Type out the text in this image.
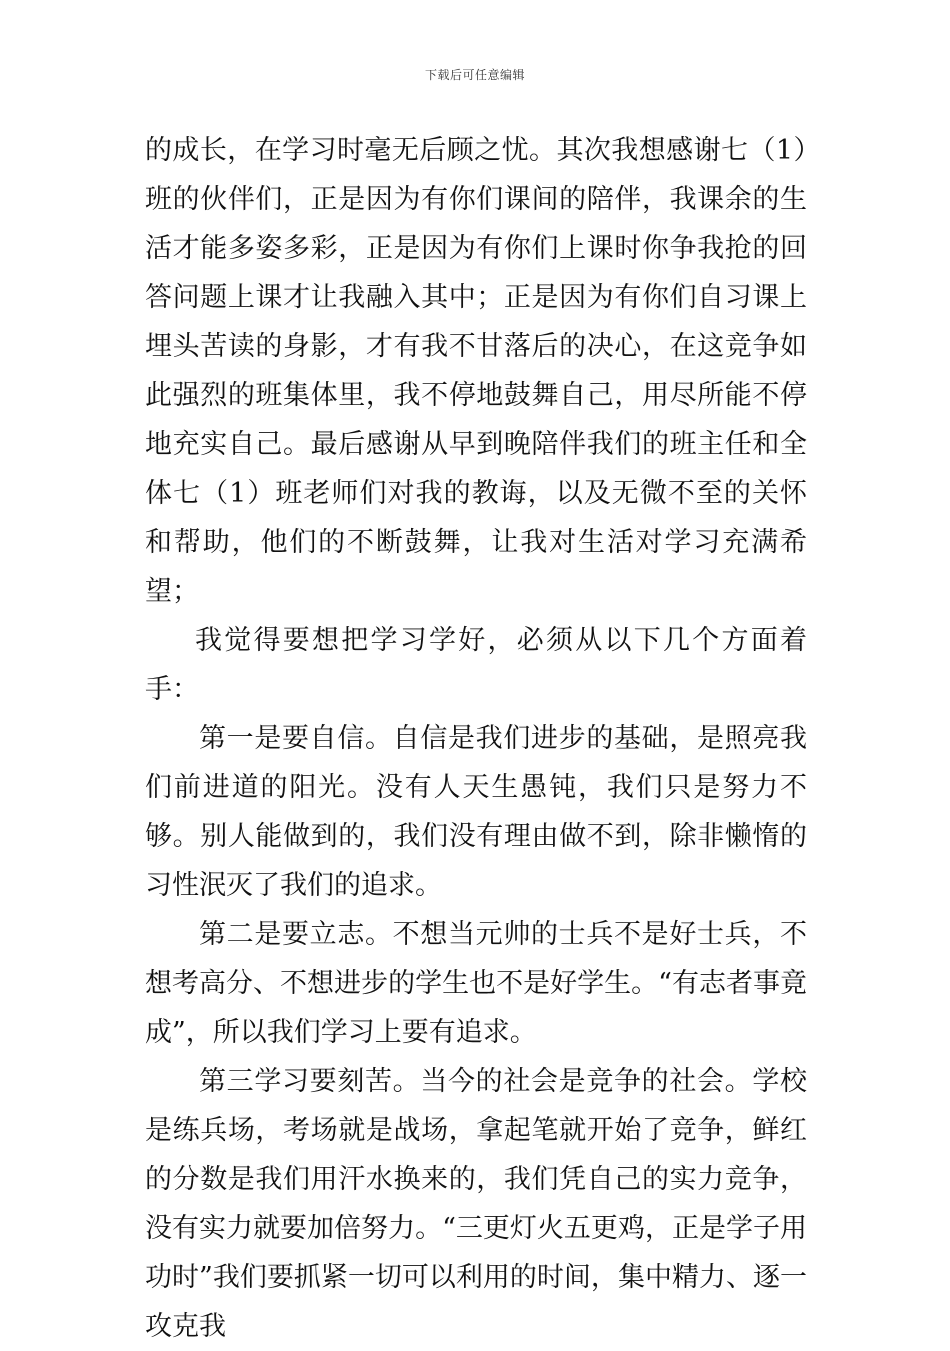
下载后可任意编辑

的成长，在学习时毫无后顾之忧。其次我想感谢七（1）班的伙伴们，正是因为有你们课间的陪伴，我课余的生活才能多姿多彩，正是因为有你们上课时你争我抢的回答问题上课才让我融入其中；正是因为有你们自习课上埋头苦读的身影，才有我不甘落后的决心，在这竞争如此强烈的班集体里，我不停地鼓舞自己，用尽所能不停地充实自己。最后感谢从早到晚陪伴我们的班主任和全体七（1）班老师们对我的教诲，以及无微不至的关怀和帮助，他们的不断鼓舞，让我对生活对学习充满希望；

我觉得要想把学习学好，必须从以下几个方面着手：

第一是要自信。自信是我们进步的基础，是照亮我们前进道的阳光。没有人天生愚钝，我们只是努力不够。别人能做到的，我们没有理由做不到，除非懒惰的习性泯灭了我们的追求。

第二是要立志。不想当元帅的士兵不是好士兵，不想考高分、不想进步的学生也不是好学生。“有志者事竟成”，所以我们学习上要有追求。

第三学习要刻苦。当今的社会是竞争的社会。学校是练兵场，考场就是战场，拿起笔就开始了竞争，鲜红的分数是我们用汗水换来的，我们凭自己的实力竞争，没有实力就要加倍努力。“三更灯火五更鸡，正是学子用功时”我们要抓紧一切可以利用的时间，集中精力、逐一攻克我
